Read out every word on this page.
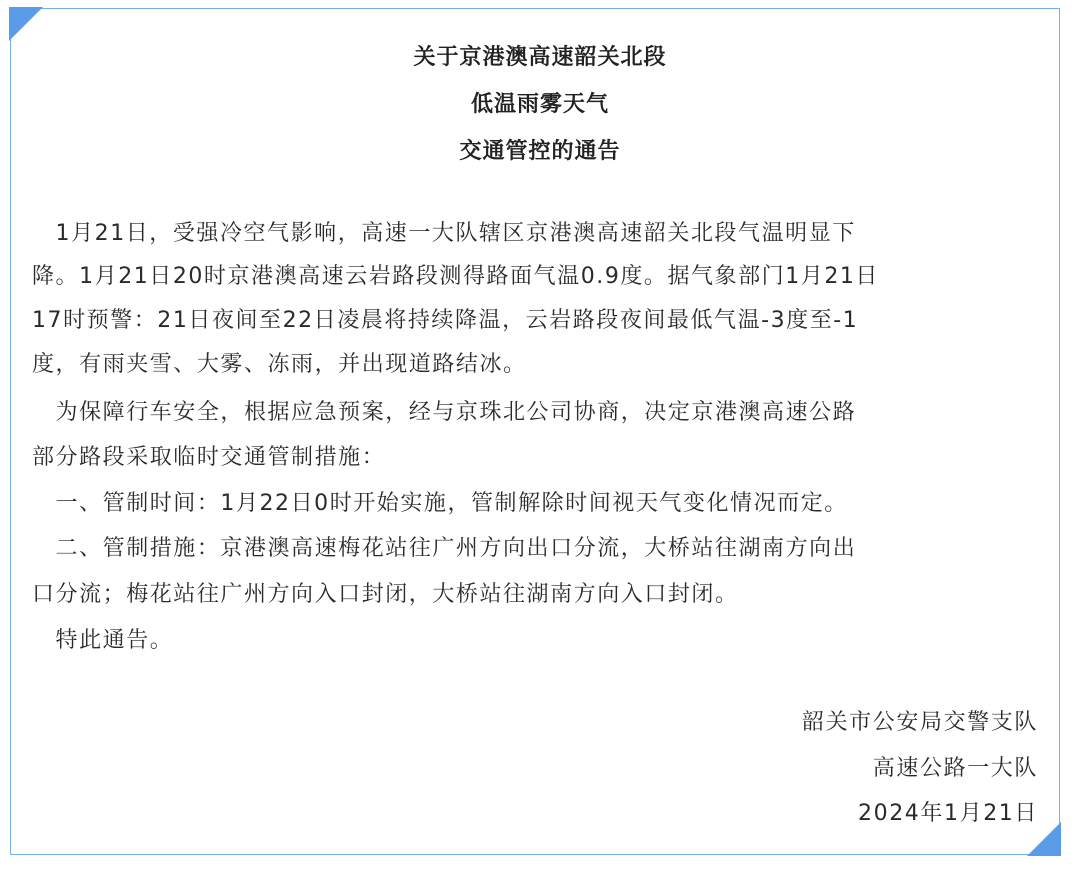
关于京港澳高速韶关北段
低温雨雾天气
交通管控的通告
　1月21日，受强冷空气影响，高速一大队辖区京港澳高速韶关北段气温明显下
降。1月21日20时京港澳高速云岩路段测得路面气温0.9度。据气象部门1月21日
17时预警：21日夜间至22日凌晨将持续降温，云岩路段夜间最低气温-3度至-1
度，有雨夹雪、大雾、冻雨，并出现道路结冰。
　为保障行车安全，根据应急预案，经与京珠北公司协商，决定京港澳高速公路
部分路段采取临时交通管制措施：
　一、管制时间：1月22日0时开始实施，管制解除时间视天气变化情况而定。
　二、管制措施：京港澳高速梅花站往广州方向出口分流，大桥站往湖南方向出
口分流；梅花站往广州方向入口封闭，大桥站往湖南方向入口封闭。
　特此通告。
韶关市公安局交警支队
高速公路一大队
2024年1月21日
